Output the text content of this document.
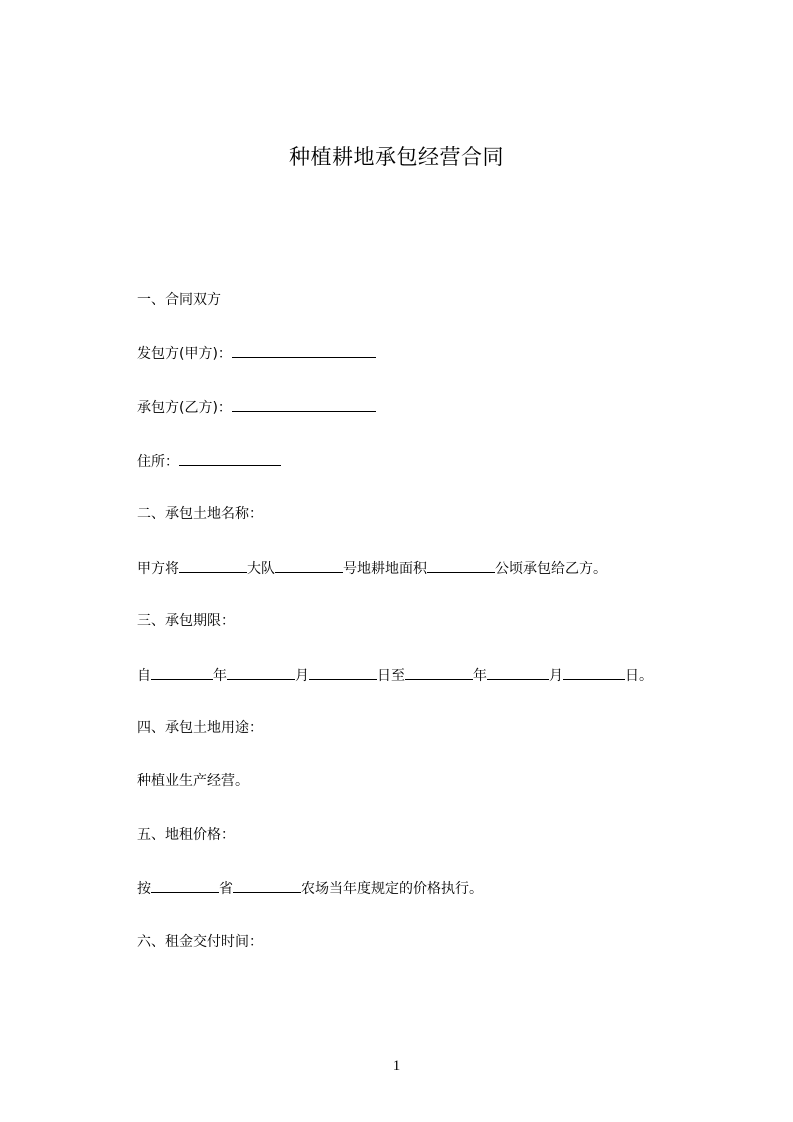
种植耕地承包经营合同
一、合同双方
发包方(甲方)：
承包方(乙方)：
住所：
二、承包土地名称：
甲方将	大队	号地耕地面积	公顷承包给乙方。
三、承包期限：
自	年	月	日至	年	月	日。
四、承包土地用途：
种植业生产经营。
五、地租价格：
按	省	农场当年度规定的价格执行。
六、租金交付时间：
1
